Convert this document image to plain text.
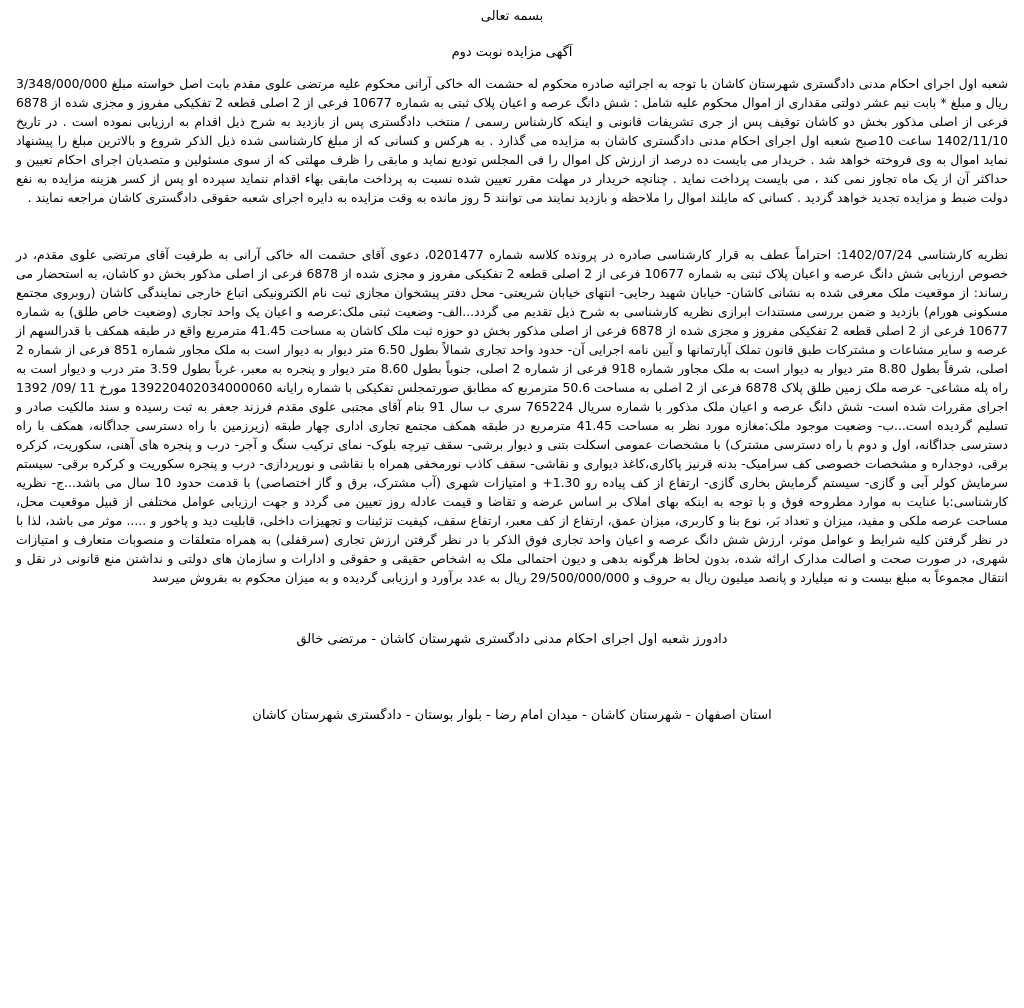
بسمه تعالی
آگهی مزایده نوبت دوم

شعبه اول اجرای احکام مدنی دادگستری شهرستان کاشان با توجه به اجرائیه صادره محکوم له حشمت اله خاکی آرانی محکوم علیه مرتضی علوی مقدم بابت اصل خواسته مبلغ 3/348/000/000 ریال و مبلغ * بابت نیم عشر دولتی مقداری از اموال محکوم علیه شامل : شش دانگ عرصه و اعیان پلاک ثبتی به شماره 10677 فرعی از 2 اصلی قطعه 2 تفکیکی مفروز و مجزی شده از 6878 فرعی از اصلی مذکور بخش دو کاشان توقیف پس از جری تشریفات قانونی و اینکه کارشناس رسمی / منتخب دادگستری پس از بازدید به شرح ذیل اقدام به ارزیابی نموده است . در تاریخ 1402/11/10 ساعت 10صبح شعبه اول اجرای احکام مدنی دادگستری کاشان به مزایده می گذارد . به هرکس و کسانی که از مبلغ کارشناسی شده ذیل الذکر شروع و بالاترین مبلغ را پیشنهاد نماید اموال به وی فروخته خواهد شد . خریدار می بایست ده درصد از ارزش کل اموال را فی المجلس تودیع نماید و مابقی را ظرف مهلتی که از سوی مسئولین و متصدیان اجرای احکام تعیین و حداکثر آن از یک ماه تجاوز نمی کند ، می بایست پرداخت نماید . چنانچه خریدار در مهلت مقرر تعیین شده نسبت به پرداخت مابقی بهاء اقدام ننماید سپرده او پس از کسر هزینه مزایده به نفع دولت ضبط و مزایده تجدید خواهد گردید . کسانی که مایلند اموال را ملاحظه و بازدید نمایند می توانند 5 روز مانده به وقت مزایده به دایره اجرای شعبه حقوقی دادگستری کاشان مراجعه نمایند .

نظریه کارشناسی 1402/07/24: احتراماً عطف به قرار کارشناسی صادره در پرونده کلاسه شماره 0201477، دعوی آقای حشمت اله خاکی آرانی به طرفیت آقای مرتضی علوی مقدم، در خصوص ارزیابی شش دانگ عرصه و اعیان پلاک ثبتی به شماره 10677 فرعی از 2 اصلی قطعه 2 تفکیکی مفروز و مجزی شده از 6878 فرعی از اصلی مذکور بخش دو کاشان، به استحضار می رساند: از موقعیت ملک معرفی شده به نشانی کاشان- خیابان شهید رجایی- انتهای خیابان شریعتی- محل دفتر پیشخوان مجازی ثبت نام الکترونیکی اتباع خارجی نمایندگی کاشان (روبروی مجتمع مسکونی هورام) بازدید و ضمن بررسی مستندات ابرازی نظریه کارشناسی به شرح ذیل تقدیم می گردد...الف- وضعیت ثبتی ملک:عرصه و اعیان یک واحد تجاری (وضعیت خاص طلق) به شماره 10677 فرعی از 2 اصلی قطعه 2 تفکیکی مفروز و مجزی شده از 6878 فرعی از اصلی مذکور بخش دو حوزه ثبت ملک کاشان به مساحت 41.45 مترمربع واقع در طبقه همکف با قدرالسهم از عرصه و سایر مشاعات و مشترکات طبق قانون تملک آپارتمانها و آیین نامه اجرایی آن- حدود واحد تجاری شمالاً بطول 6.50 متر دیوار به دیوار است به ملک مجاور شماره 851 فرعی از شماره 2 اصلی، شرقاً بطول 8.80 متر دیوار به دیوار است به ملک مجاور شماره 918 فرعی از شماره 2 اصلی، جنوباً بطول 8.60 متر دیوار و پنجره به معبر، غرباً بطول 3.59 متر درب و دیوار است به راه پله مشاعی- عرصه ملک زمین طلق پلاک 6878 فرعی از 2 اصلی به مساحت 50.6 مترمربع که مطابق صورتمجلس تفکیکی با شماره رایانه 139220402034000060 مورخ 11 /09/ 1392 اجرای مقررات شده است- شش دانگ عرصه و اعیان ملک مذکور با شماره سریال 765224 سری ب سال 91 بنام آقای مجتبی علوی مقدم فرزند جعفر به ثبت رسیده و سند مالکیت صادر و تسلیم گردیده است...ب- وضعیت موجود ملک:مغازه مورد نظر به مساحت 41.45 مترمربع در طبقه همکف مجتمع تجاری اداری چهار طبقه (زیرزمین با راه دسترسی جداگانه، همکف با راه دسترسی جداگانه، اول و دوم با راه دسترسی مشترک) با مشخصات عمومی اسکلت بتنی و دیوار برشی- سقف تیرچه بلوک- نمای ترکیب سنگ و آجر- درب و پنجره های آهنی، سکوریت، کرکره برقی، دوجداره و مشخصات خصوصی کف سرامیک- بدنه قرنیز پاکاری،کاغذ دیواری و نقاشی- سقف کاذب نورمخفی همراه با نقاشی و نورپردازی- درب و پنجره سکوریت و کرکره برقی- سیستم سرمایش کولر آبی و گازی- سیستم گرمایش بخاری گازی- ارتفاع از کف پیاده رو 1.30+ و امتیازات شهری (آب مشترک، برق و گاز اختصاصی) با قدمت حدود 10 سال می باشد...ج- نظریه کارشناسی:با عنایت به موارد مطروحه فوق و با توجه به اینکه بهای املاک بر اساس عرضه و تقاضا و قیمت عادله روز تعیین می گردد و جهت ارزیابی عوامل مختلفی از قبیل موقعیت محل، مساحت عرصه ملکی و مفید، میزان و تعداد بَر، نوع بنا و کاربری، میزان عمق، ارتفاع از کف معبر، ارتفاع سقف، کیفیت تزئینات و تجهیزات داخلی، قابلیت دید و پاخور و ..... موثر می باشد، لذا با در نظر گرفتن کلیه شرایط و عوامل موثر، ارزش شش دانگ عرصه و اعیان واحد تجاری فوق الذکر با در نظر گرفتن ارزش تجاری (سرقفلی) به همراه متعلقات و منصوبات متعارف و امتیازات شهری، در صورت صحت و اصالت مدارک ارائه شده، بدون لحاظ هرگونه بدهی و دیون احتمالی ملک به اشخاص حقیقی و حقوقی و ادارات و سازمان های دولتی و نداشتن منع قانونی در نقل و انتقال مجموعاً به مبلغ بیست و نه میلیارد و پانصد میلیون ریال به حروف و 29/500/000/000 ریال به عدد برآورد و ارزیابی گردیده و به میزان محکوم به بفروش میرسد

دادورز شعبه اول اجرای احکام مدنی دادگستری شهرستان کاشان - مرتضی خالق
استان اصفهان - شهرستان کاشان - میدان امام رضا - بلوار بوستان - دادگستری شهرستان کاشان
